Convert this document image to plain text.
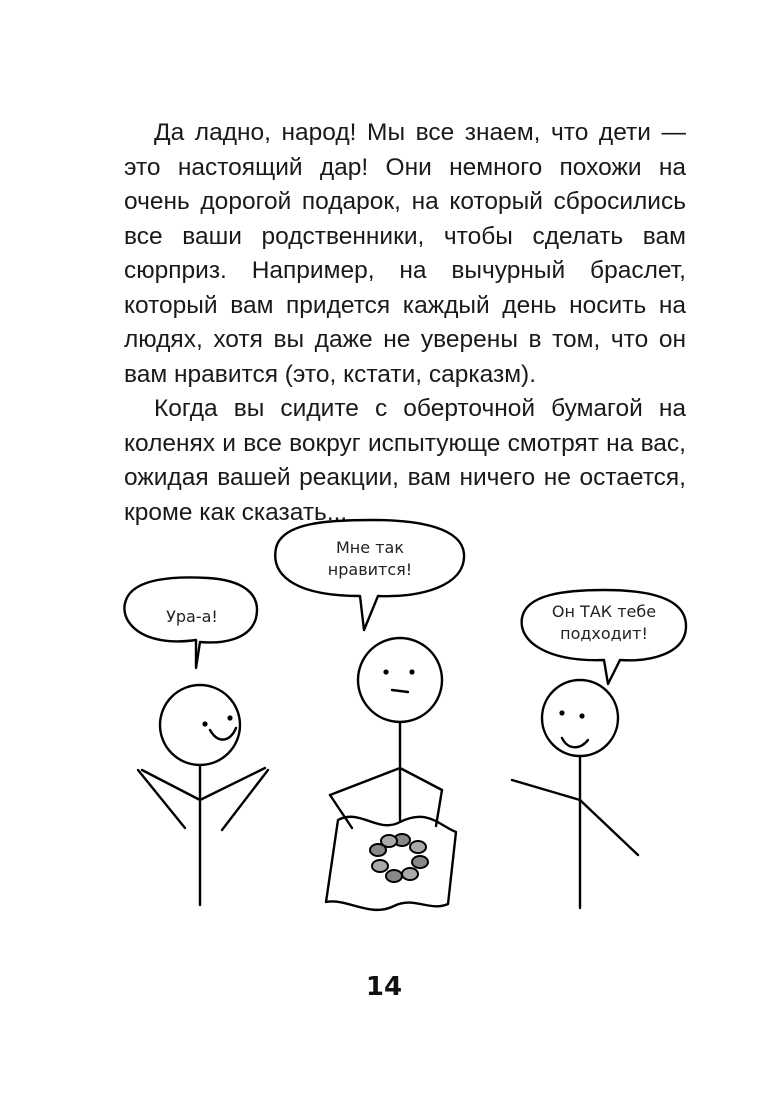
Да ладно, народ! Мы все знаем, что дети — это настоящий дар! Они немного похожи на очень дорогой подарок, на который сбросились все ваши родственники, чтобы сделать вам сюрприз. Например, на вычурный браслет, который вам придется каждый день носить на людях, хотя вы даже не уверены в том, что он вам нравится (это, кстати, сарказм).

Когда вы сидите с оберточной бумагой на коленях и все вокруг испытующе смотрят на вас, ожидая вашей реакции, вам ничего не остается, кроме как сказать...

Ура-а!
Мне так
нравится!
Он ТАК тебе
подходит!
14
